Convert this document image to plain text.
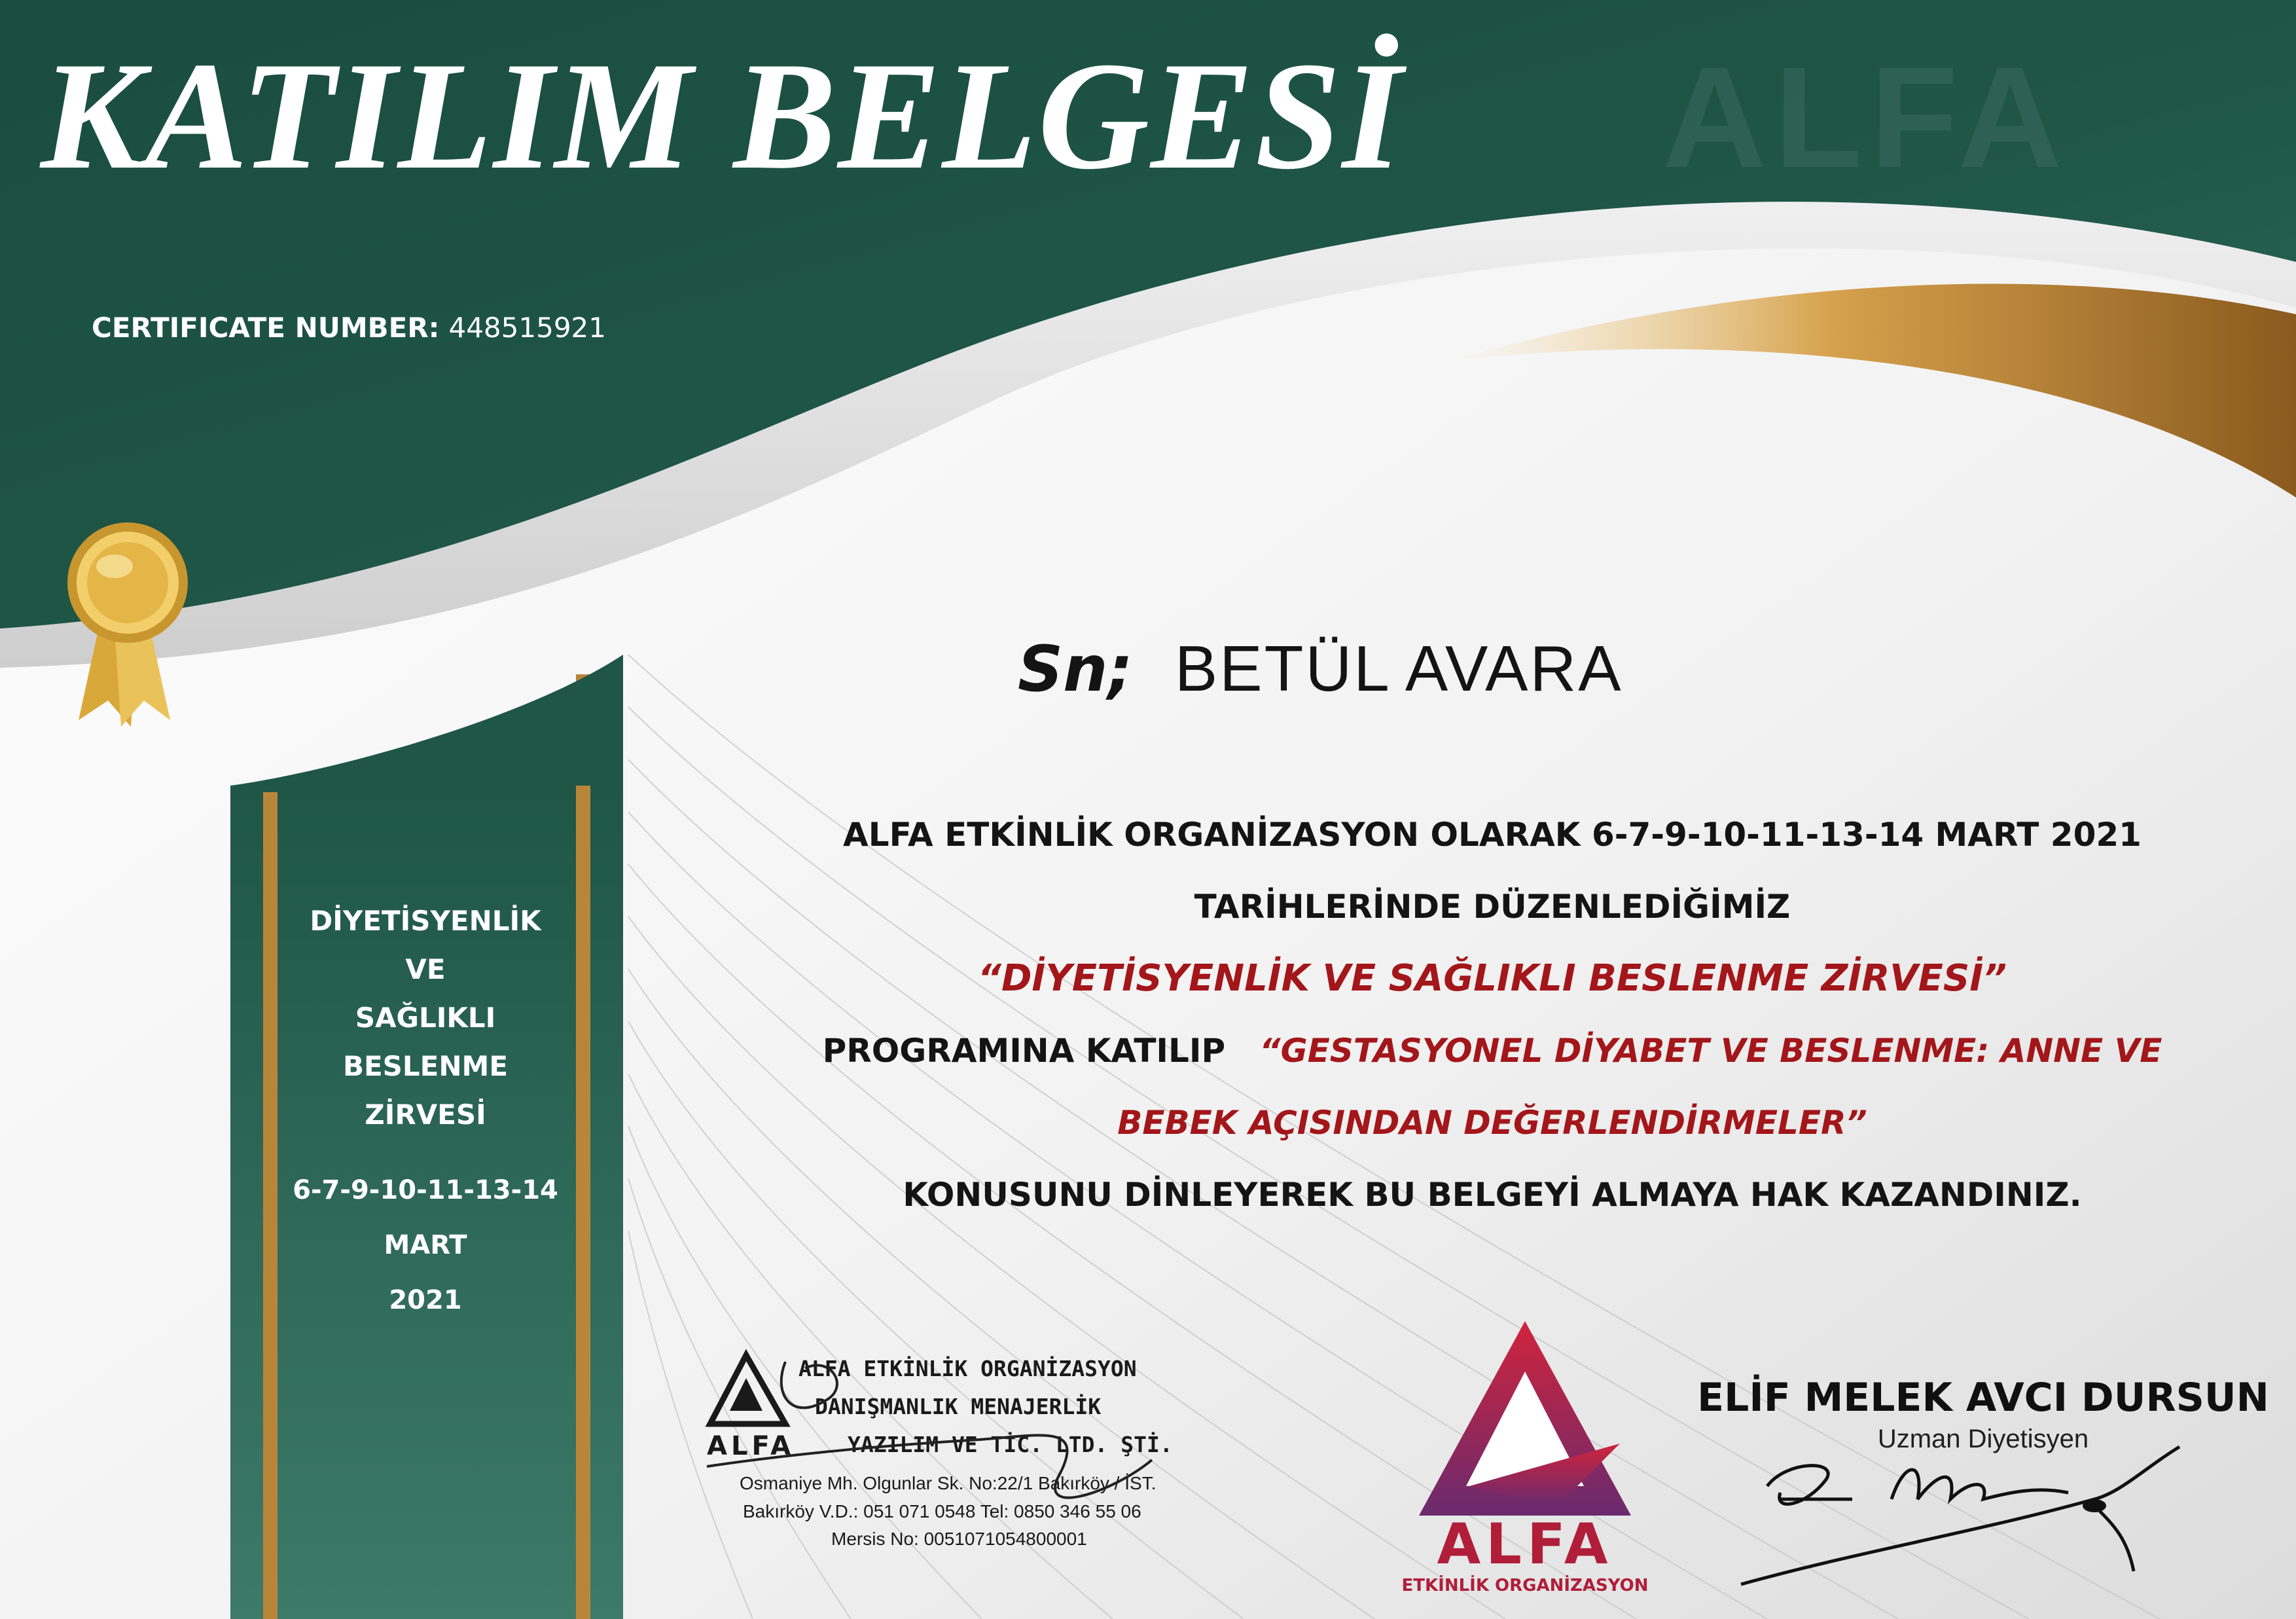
ALFA
KATILIM BELGESİ
CERTIFICATE NUMBER: 448515921
DİYETİSYENLİK
VE
SAĞLIKLI
BESLENME
ZİRVESİ
6-7-9-10-11-13-14
MART
2021
Sn; BETÜL AVARA
ALFA ETKİNLİK ORGANİZASYON OLARAK 6-7-9-10-11-13-14 MART 2021
TARİHLERİNDE DÜZENLEDİĞİMİZ
“DİYETİSYENLİK VE SAĞLIKLI BESLENME ZİRVESİ”
PROGRAMINA KATILIP “GESTASYONEL DİYABET VE BESLENME: ANNE VE
BEBEK AÇISINDAN DEĞERLENDİRMELER”
KONUSUNU DİNLEYEREK BU BELGEYİ ALMAYA HAK KAZANDINIZ.
ALFA
ALFA ETKİNLİK ORGANİZASYON
DANIŞMANLIK MENAJERLİK
YAZILIM VE TİC. LTD. ŞTİ.
Osmaniye Mh. Olgunlar Sk. No:22/1 Bakırköy / İST.
Bakırköy V.D.: 051 071 0548 Tel: 0850 346 55 06
Mersis No: 0051071054800001	ALFA
ETKİNLİK ORGANİZASYON
ELİF MELEK AVCI DURSUN
Uzman Diyetisyen
